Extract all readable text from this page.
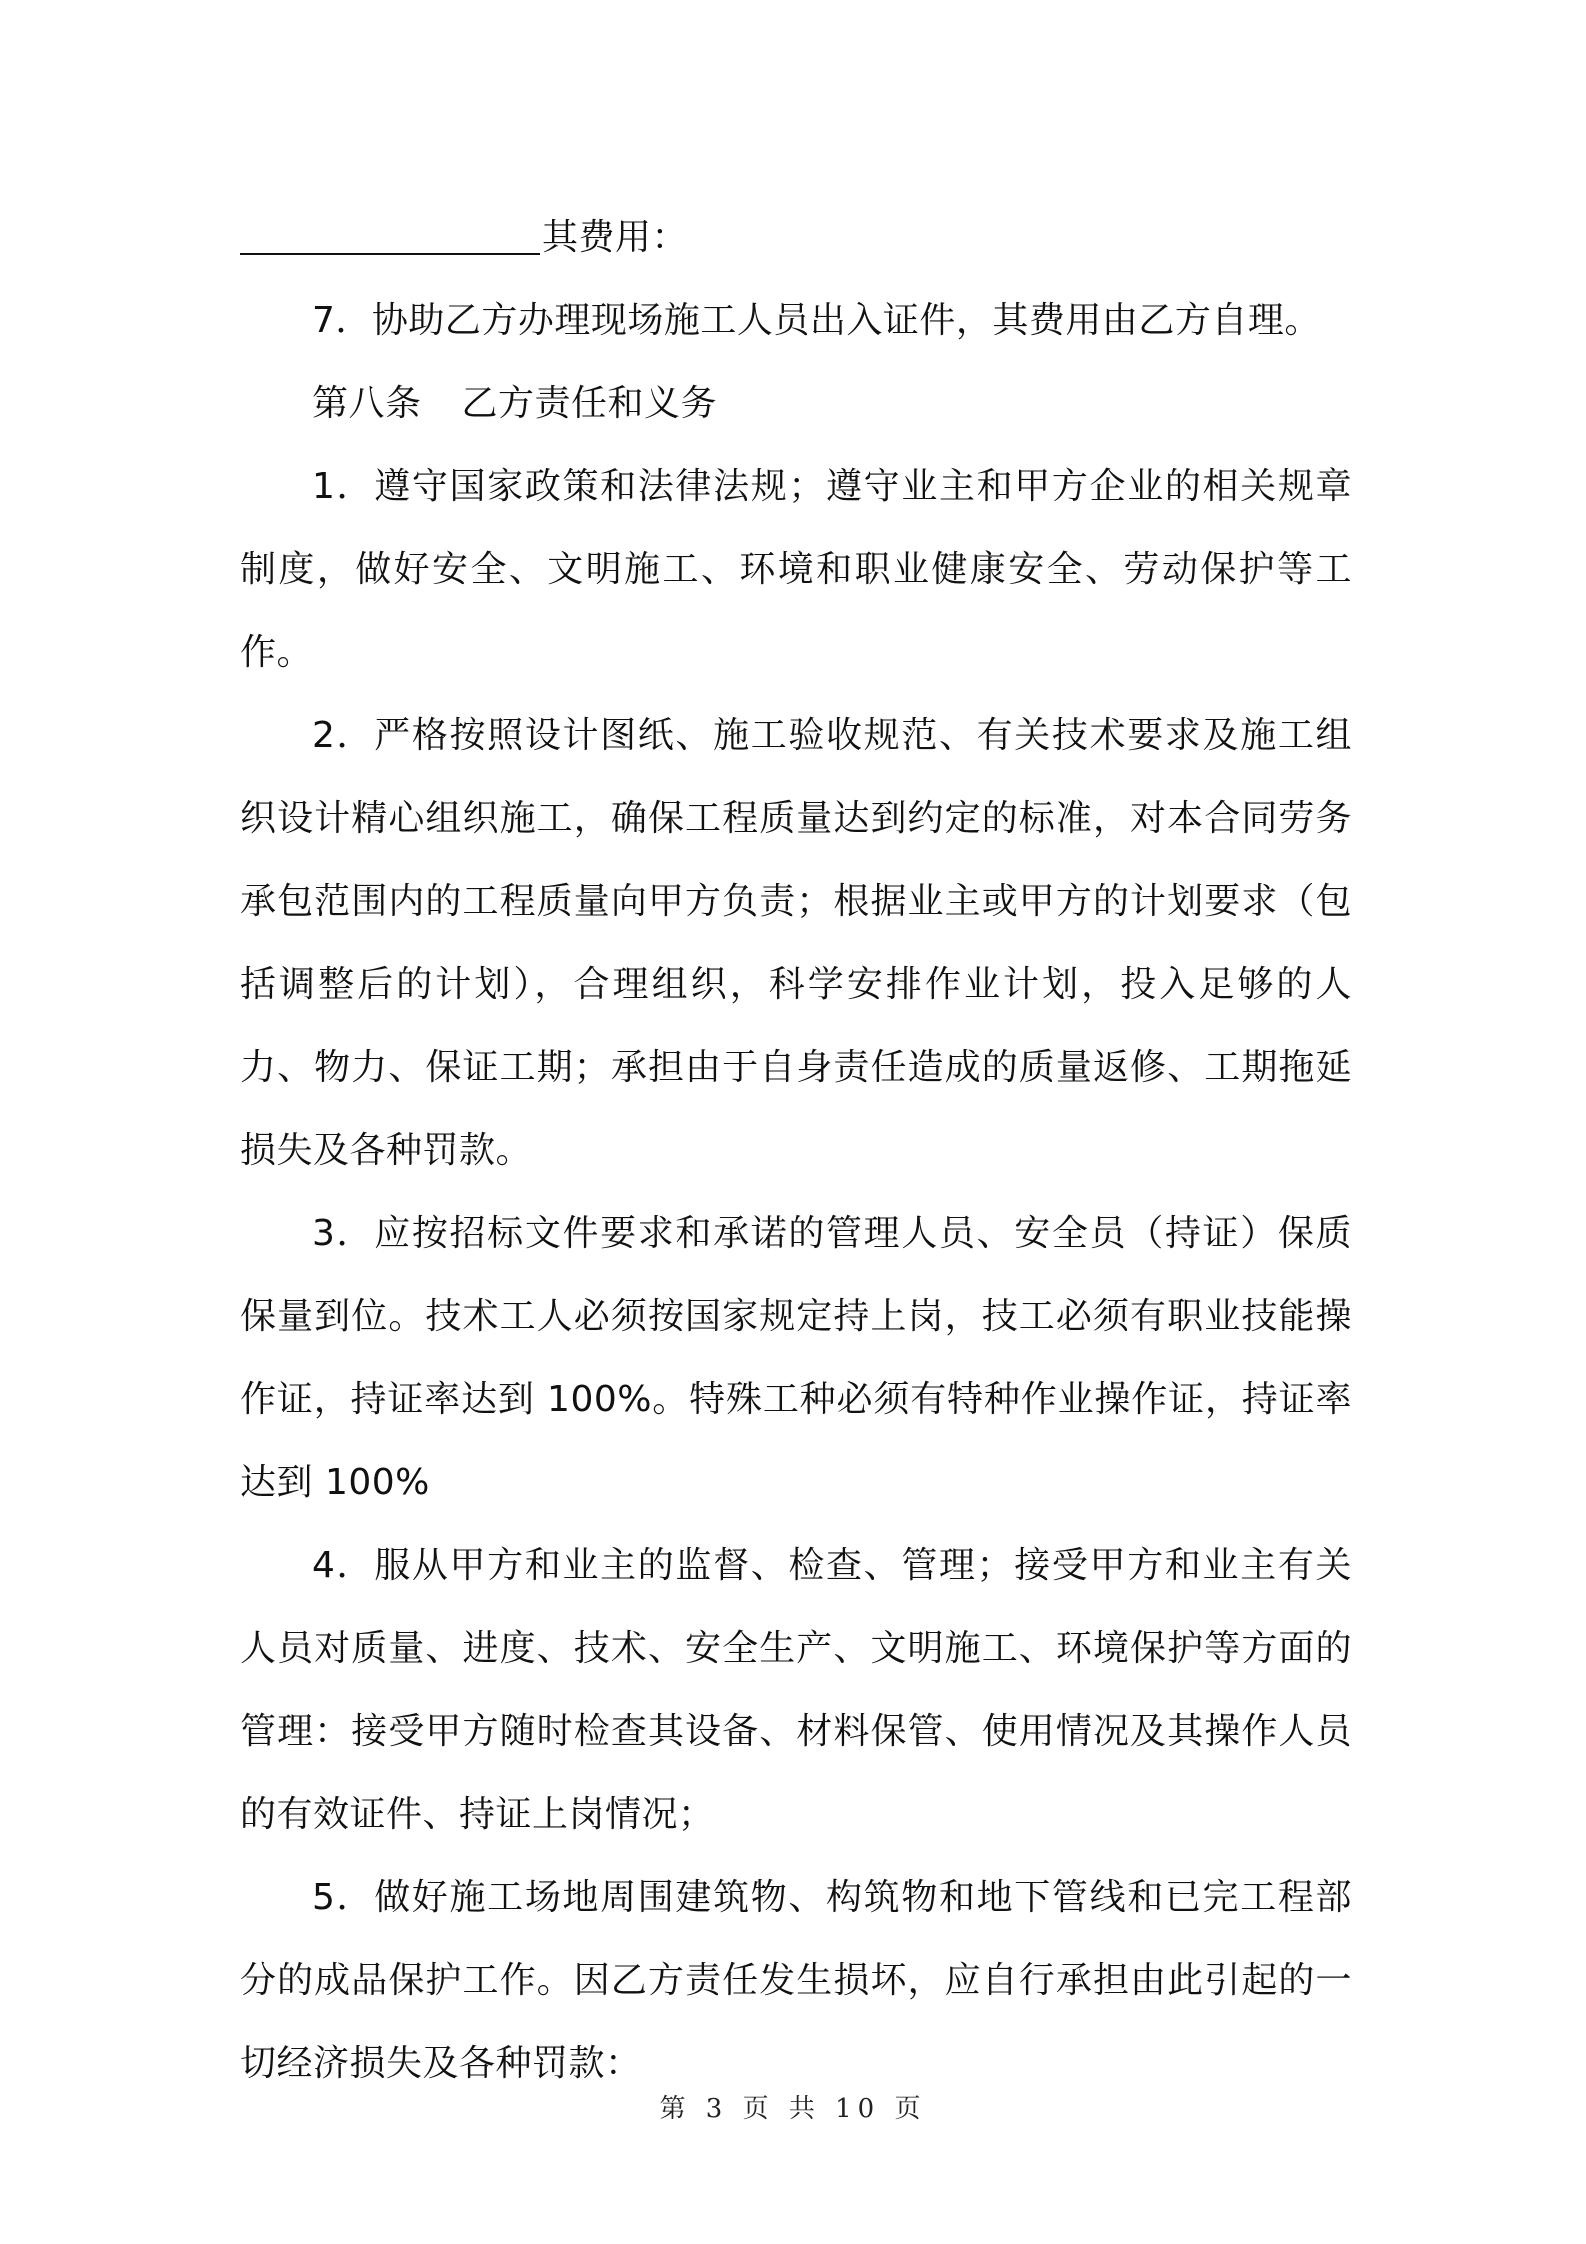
其费用：

7．协助乙方办理现场施工人员出入证件，其费用由乙方自理。

第八条 乙方责任和义务

1．遵守国家政策和法律法规；遵守业主和甲方企业的相关规章制度，做好安全、文明施工、环境和职业健康安全、劳动保护等工作。

2．严格按照设计图纸、施工验收规范、有关技术要求及施工组织设计精心组织施工，确保工程质量达到约定的标准，对本合同劳务承包范围内的工程质量向甲方负责；根据业主或甲方的计划要求（包括调整后的计划），合理组织，科学安排作业计划，投入足够的人力、物力、保证工期；承担由于自身责任造成的质量返修、工期拖延损失及各种罚款。

3．应按招标文件要求和承诺的管理人员、安全员（持证）保质保量到位。技术工人必须按国家规定持上岗，技工必须有职业技能操作证，持证率达到 100%。特殊工种必须有特种作业操作证，持证率达到 100%

4．服从甲方和业主的监督、检查、管理；接受甲方和业主有关人员对质量、进度、技术、安全生产、文明施工、环境保护等方面的管理：接受甲方随时检查其设备、材料保管、使用情况及其操作人员的有效证件、持证上岗情况；

5．做好施工场地周围建筑物、构筑物和地下管线和已完工程部分的成品保护工作。因乙方责任发生损坏，应自行承担由此引起的一切经济损失及各种罚款：

第 3 页 共 10 页
